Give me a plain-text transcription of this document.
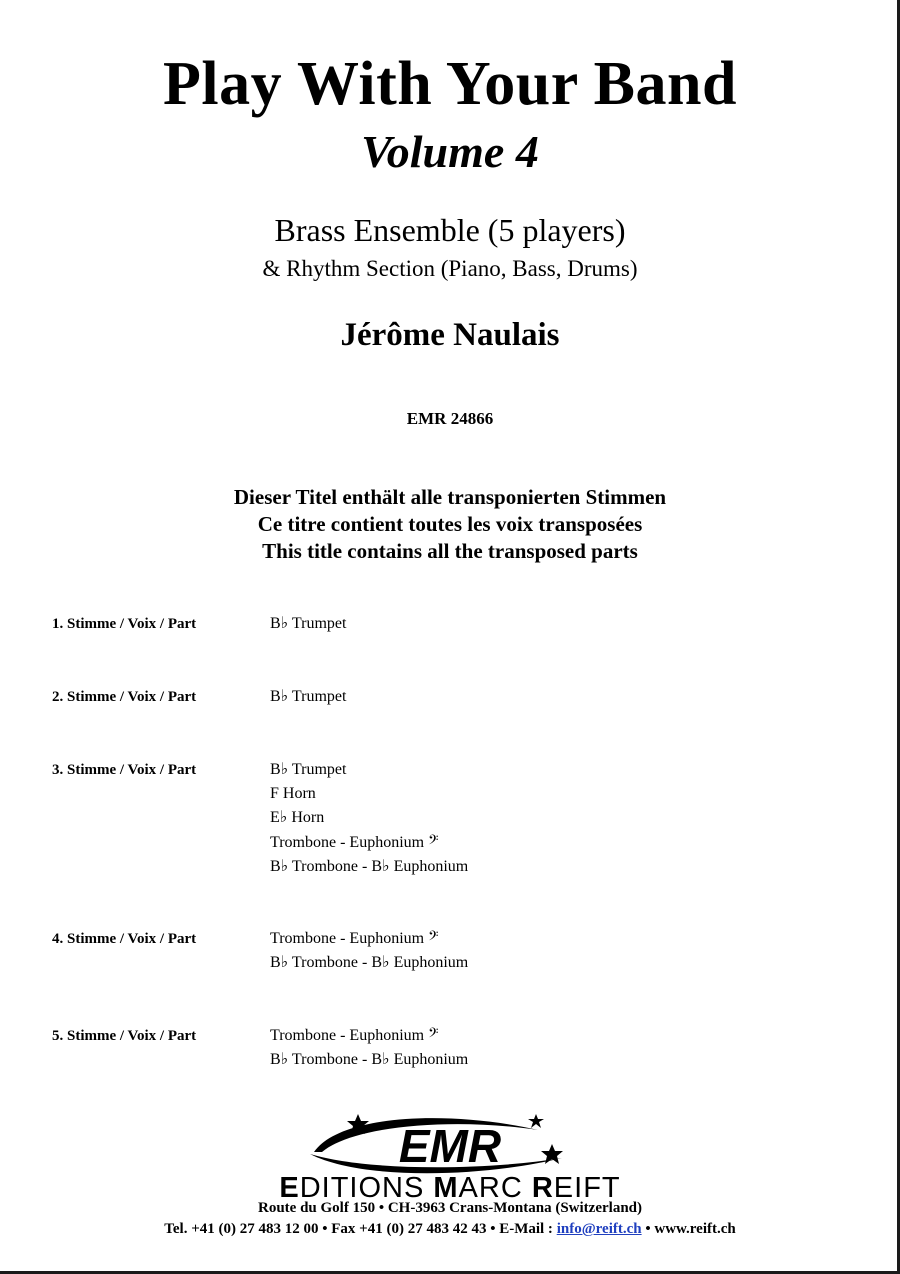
Play With Your Band
Volume 4
Brass Ensemble (5 players)
& Rhythm Section (Piano, Bass, Drums)
Jérôme Naulais
EMR 24866
Dieser Titel enthält alle transponierten Stimmen
Ce titre contient toutes les voix transposées
This title contains all the transposed parts
1. Stimme / Voix / Part	B♭ Trumpet
2. Stimme / Voix / Part	B♭ Trumpet
3. Stimme / Voix / Part	B♭ Trumpet
F Horn
E♭ Horn
Trombone - Euphonium 𝄢
B♭ Trombone - B♭ Euphonium
4. Stimme / Voix / Part	Trombone - Euphonium 𝄢
B♭ Trombone - B♭ Euphonium
5. Stimme / Voix / Part	Trombone - Euphonium 𝄢
B♭ Trombone - B♭ Euphonium
EMR
EDITIONS MARC REIFT
Route du Golf 150 • CH-3963 Crans-Montana (Switzerland)
Tel. +41 (0) 27 483 12 00 • Fax +41 (0) 27 483 42 43 • E-Mail : info@reift.ch • www.reift.ch
